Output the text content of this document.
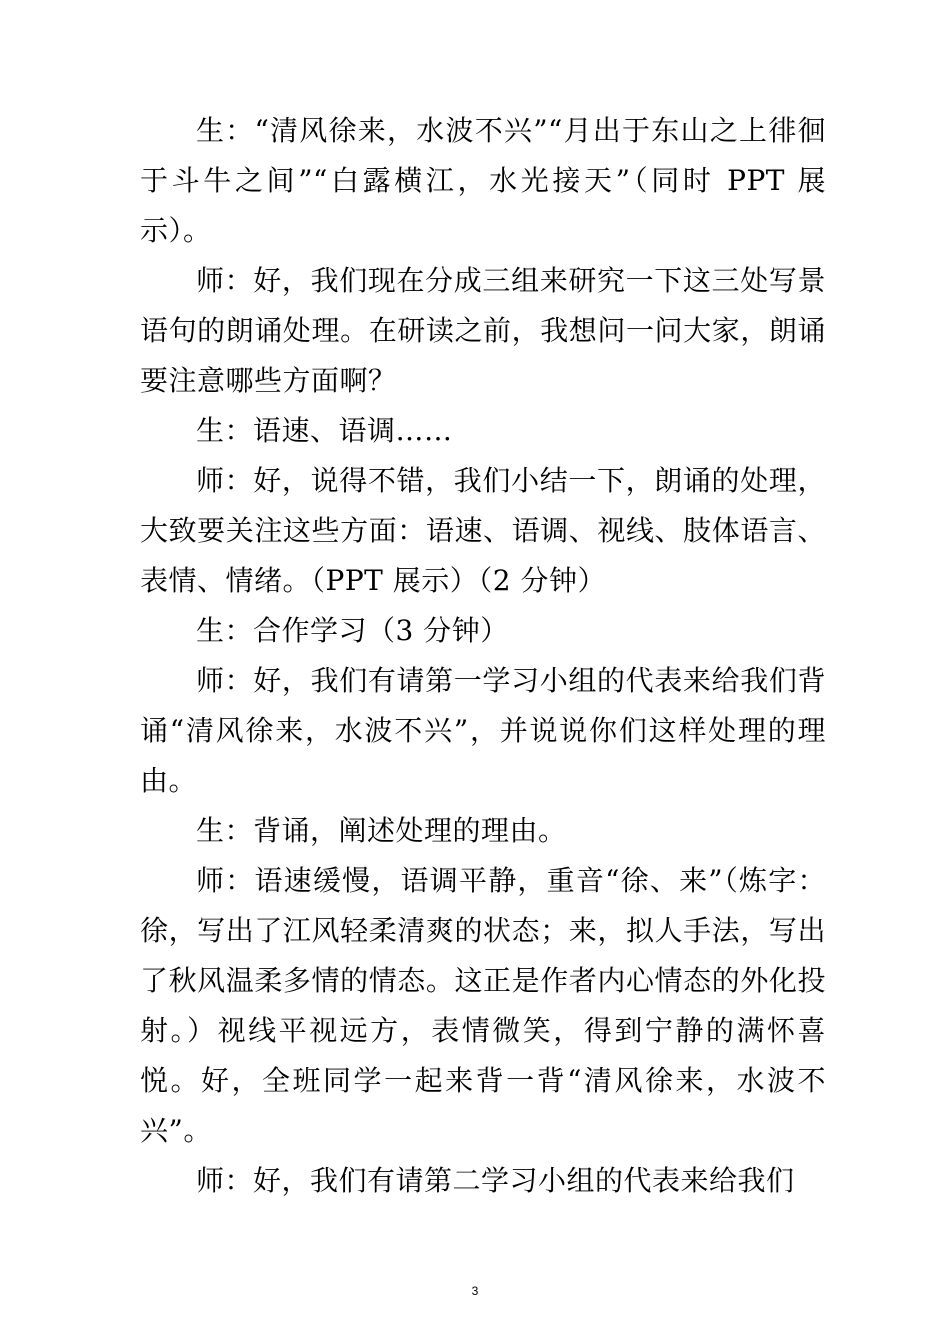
生：“清风徐来，水波不兴”“月出于东山之上徘徊于斗牛之间”“白露横江，水光接天”（同时 PPT 展示）。

师：好，我们现在分成三组来研究一下这三处写景语句的朗诵处理。在研读之前，我想问一问大家，朗诵要注意哪些方面啊？

生：语速、语调……

师：好，说得不错，我们小结一下，朗诵的处理，大致要关注这些方面：语速、语调、视线、肢体语言、表情、情绪。（PPT 展示）（2 分钟）

生：合作学习（3 分钟）

师：好，我们有请第一学习小组的代表来给我们背诵“清风徐来，水波不兴”，并说说你们这样处理的理由。

生：背诵，阐述处理的理由。

师：语速缓慢，语调平静，重音“徐、来”（炼字：徐，写出了江风轻柔清爽的状态；来，拟人手法，写出了秋风温柔多情的情态。这正是作者内心情态的外化投射。）视线平视远方，表情微笑，得到宁静的满怀喜悦。好，全班同学一起来背一背“清风徐来，水波不兴”。

师：好，我们有请第二学习小组的代表来给我们

3
